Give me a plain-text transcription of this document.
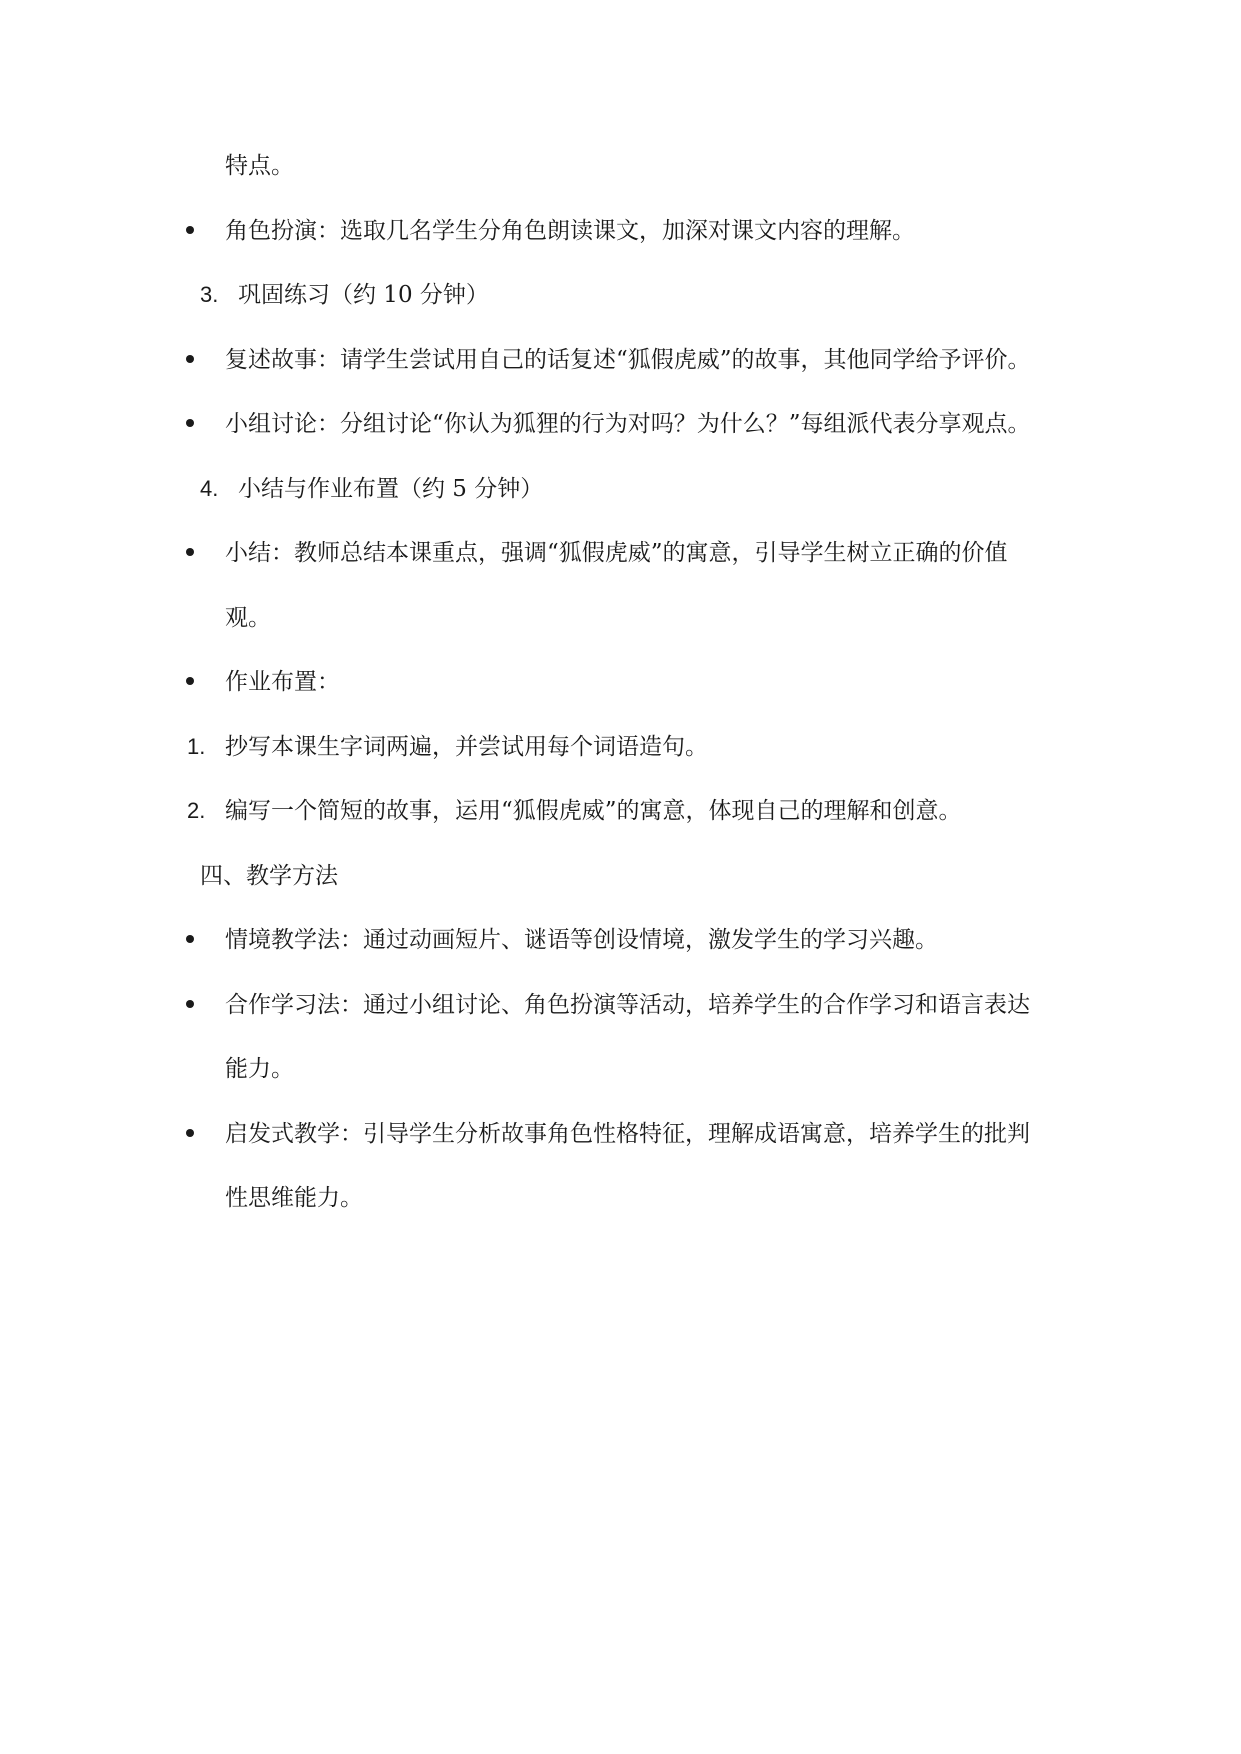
特点。
角色扮演：选取几名学生分角色朗读课文，加深对课文内容的理解。
3. 巩固练习（约 10 分钟）
复述故事：请学生尝试用自己的话复述“狐假虎威”的故事，其他同学给予评价。
小组讨论：分组讨论“你认为狐狸的行为对吗？为什么？”每组派代表分享观点。
4. 小结与作业布置（约 5 分钟）
小结：教师总结本课重点，强调“狐假虎威”的寓意，引导学生树立正确的价值
观。
作业布置：
1. 抄写本课生字词两遍，并尝试用每个词语造句。
2. 编写一个简短的故事，运用“狐假虎威”的寓意，体现自己的理解和创意。
四、教学方法
情境教学法：通过动画短片、谜语等创设情境，激发学生的学习兴趣。
合作学习法：通过小组讨论、角色扮演等活动，培养学生的合作学习和语言表达
能力。
启发式教学：引导学生分析故事角色性格特征，理解成语寓意，培养学生的批判
性思维能力。
